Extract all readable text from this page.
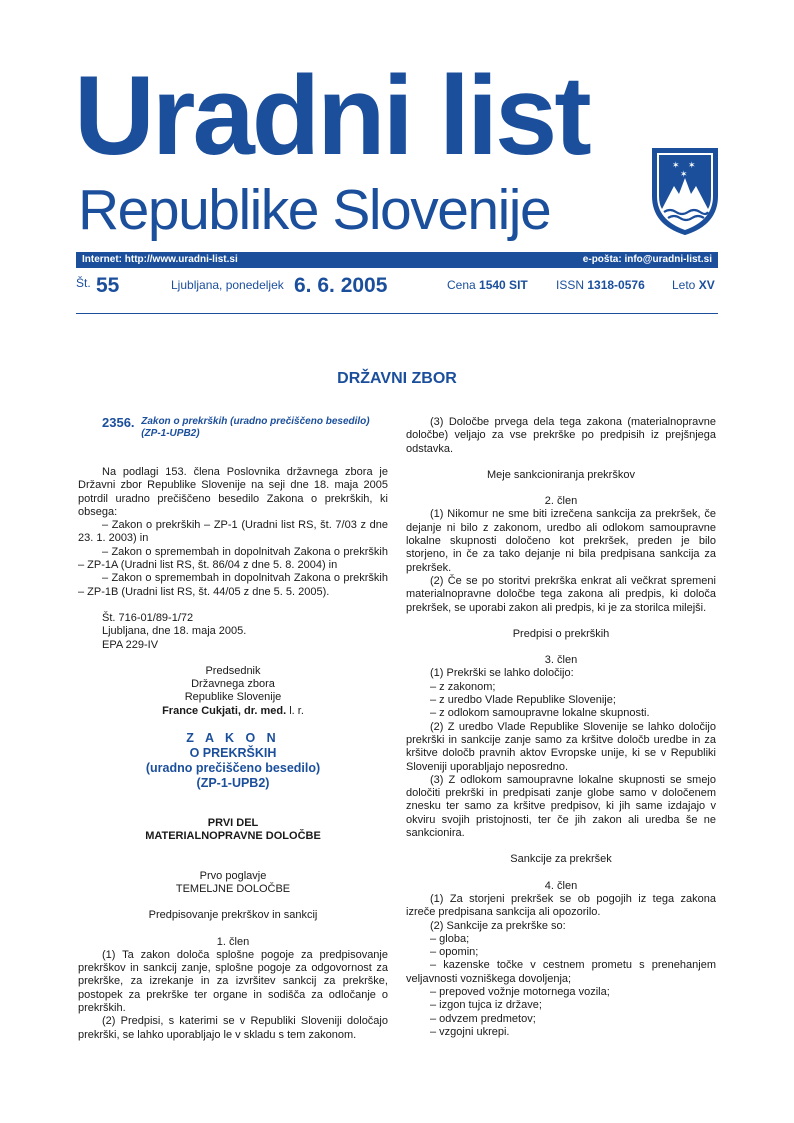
Uradni list
Republike Slovenije
✶ ✶
✶
Internet: http://www.uradni-list.si	e-pošta: info@uradni-list.si
Št. 55	Ljubljana, ponedeljek 6. 6. 2005	Cena 1540 SIT ISSN 1318-0576 Leto XV
DRŽAVNI ZBOR
2356. Zakon o prekrških (uradno prečiščeno besedilo) (ZP-1-UPB2)

Na podlagi 153. člena Poslovnika državnega zbora je Državni zbor Republike Slovenije na seji dne 18. maja 2005 potrdil uradno prečiščeno besedilo Zakona o prekrških, ki obsega:

– Zakon o prekrških – ZP-1 (Uradni list RS, št. 7/03 z dne 23. 1. 2003) in

– Zakon o spremembah in dopolnitvah Zakona o prekrških – ZP-1A (Uradni list RS, št. 86/04 z dne 5. 8. 2004) in

– Zakon o spremembah in dopolnitvah Zakona o prekrških – ZP-1B (Uradni list RS, št. 44/05 z dne 5. 5. 2005).

Št. 716-01/89-1/72

Ljubljana, dne 18. maja 2005.

EPA 229-IV

Predsednik

Državnega zbora

Republike Slovenije

France Cukjati, dr. med. l. r.

Z A K O N
O PREKRŠKIH
(uradno prečiščeno besedilo)
(ZP-1-UPB2)

PRVI DEL

MATERIALNOPRAVNE DOLOČBE

Prvo poglavje

TEMELJNE DOLOČBE

Predpisovanje prekrškov in sankcij

1. člen

(1) Ta zakon določa splošne pogoje za predpisovanje prekrškov in sankcij zanje, splošne pogoje za odgovornost za prekrške, za izrekanje in za izvršitev sankcij za prekrške, postopek za prekrške ter organe in sodišča za odločanje o prekrških.

(2) Predpisi, s katerimi se v Republiki Sloveniji določajo prekrški, se lahko uporabljajo le v skladu s tem zakonom.

(3) Določbe prvega dela tega zakona (materialnopravne določbe) veljajo za vse prekrške po predpisih iz prejšnjega odstavka.

Meje sankcioniranja prekrškov

2. člen

(1) Nikomur ne sme biti izrečena sankcija za prekršek, če dejanje ni bilo z zakonom, uredbo ali odlokom samoupravne lokalne skupnosti določeno kot prekršek, preden je bilo storjeno, in če za tako dejanje ni bila predpisana sankcija za prekršek.

(2) Če se po storitvi prekrška enkrat ali večkrat spremeni materialnopravne določbe tega zakona ali predpis, ki določa prekršek, se uporabi zakon ali predpis, ki je za storilca milejši.

Predpisi o prekrških

3. člen

(1) Prekrški se lahko določijo:

– z zakonom;

– z uredbo Vlade Republike Slovenije;

– z odlokom samoupravne lokalne skupnosti.

(2) Z uredbo Vlade Republike Slovenije se lahko določijo prekrški in sankcije zanje samo za kršitve določb uredbe in za kršitve določb pravnih aktov Evropske unije, ki se v Republiki Sloveniji uporabljajo neposredno.

(3) Z odlokom samoupravne lokalne skupnosti se smejo določiti prekrški in predpisati zanje globe samo v določenem znesku ter samo za kršitve predpisov, ki jih same izdajajo v okviru svojih pristojnosti, ter če jih zakon ali uredba še ne sankcionira.

Sankcije za prekršek

4. člen

(1) Za storjeni prekršek se ob pogojih iz tega zakona izreče predpisana sankcija ali opozorilo.

(2) Sankcije za prekrške so:

– globa;

– opomin;

– kazenske točke v cestnem prometu s prenehanjem veljavnosti vozniškega dovoljenja;

– prepoved vožnje motornega vozila;

– izgon tujca iz države;

– odvzem predmetov;

– vzgojni ukrepi.
